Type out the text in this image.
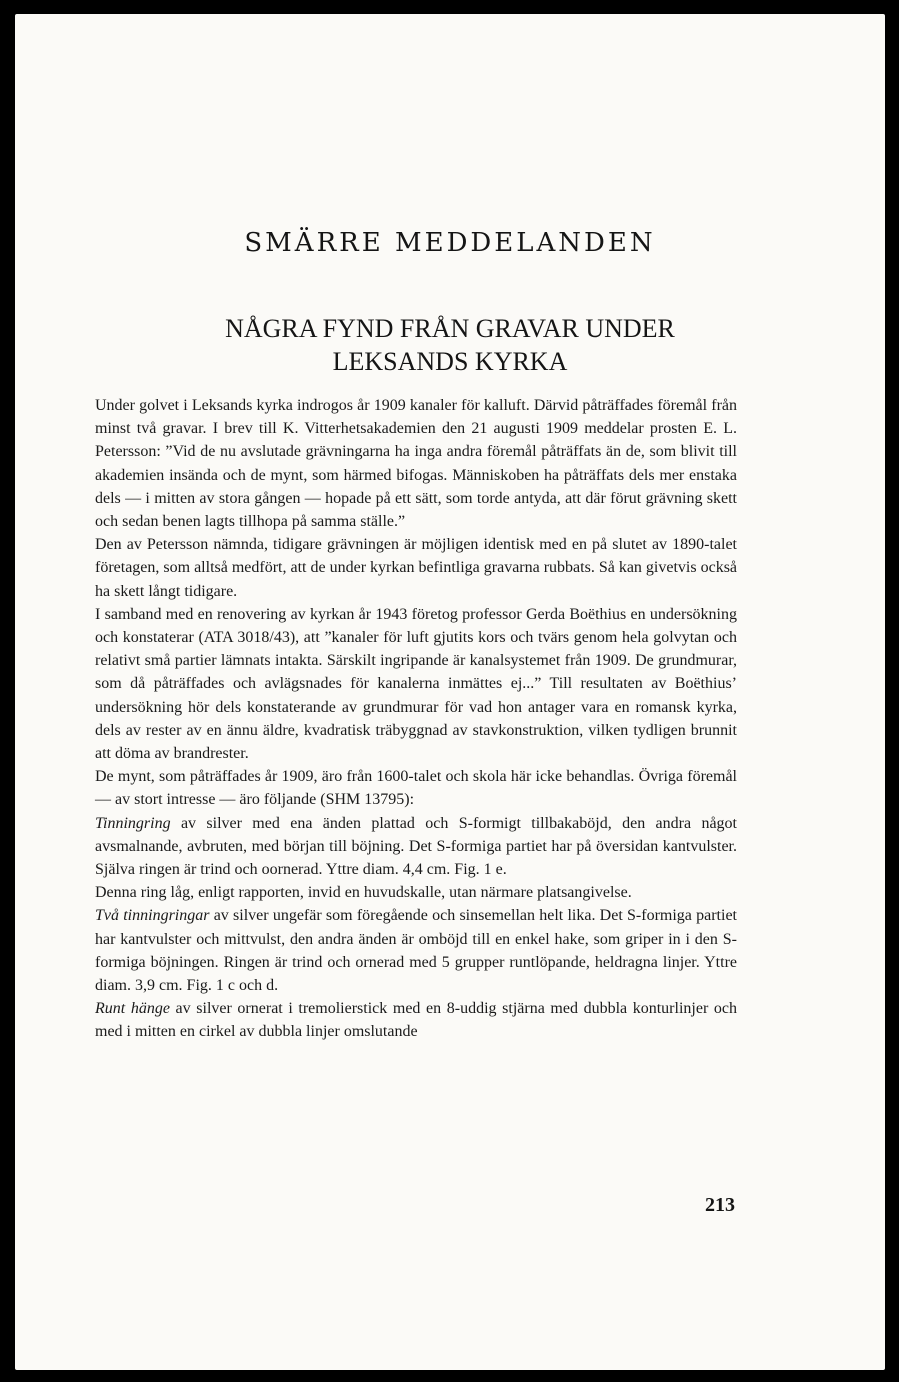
SMÄRRE MEDDELANDEN
NÅGRA FYND FRÅN GRAVAR UNDER
LEKSANDS KYRKA

Under golvet i Leksands kyrka indrogos år 1909 kanaler för kalluft. Därvid påträffades föremål från minst två gravar. I brev till K. Vitterhetsakademien den 21 augusti 1909 meddelar prosten E. L. Petersson: ”Vid de nu avslutade grävningarna ha inga andra föremål påträffats än de, som blivit till akademien insända och de mynt, som härmed bifogas. Människoben ha påträffats dels mer enstaka dels — i mitten av stora gången — hopade på ett sätt, som torde antyda, att där förut grävning skett och sedan benen lagts tillhopa på samma ställe.”

Den av Petersson nämnda, tidigare grävningen är möjligen identisk med en på slutet av 1890-talet företagen, som alltså medfört, att de under kyrkan befintliga gravarna rubbats. Så kan givetvis också ha skett långt tidigare.

I samband med en renovering av kyrkan år 1943 företog professor Gerda Boëthius en undersökning och konstaterar (ATA 3018/43), att ”kanaler för luft gjutits kors och tvärs genom hela golvytan och relativt små partier lämnats intakta. Särskilt ingripande är kanalsystemet från 1909. De grundmurar, som då påträffades och avlägsnades för kanalerna inmättes ej...” Till resultaten av Boëthius’ undersökning hör dels konstaterande av grundmurar för vad hon antager vara en romansk kyrka, dels av rester av en ännu äldre, kvadratisk träbyggnad av stavkonstruktion, vilken tydligen brunnit att döma av brandrester.

De mynt, som påträffades år 1909, äro från 1600-talet och skola här icke behandlas. Övriga föremål — av stort intresse — äro följande (SHM 13795):

Tinningring av silver med ena änden plattad och S-formigt tillbakaböjd, den andra något avsmalnande, avbruten, med början till böjning. Det S-formiga partiet har på översidan kantvulster. Själva ringen är trind och oornerad. Yttre diam. 4,4 cm. Fig. 1 e.

Denna ring låg, enligt rapporten, invid en huvudskalle, utan närmare platsangivelse.

Två tinningringar av silver ungefär som föregående och sinsemellan helt lika. Det S-formiga partiet har kantvulster och mittvulst, den andra änden är omböjd till en enkel hake, som griper in i den S-formiga böjningen. Ringen är trind och ornerad med 5 grupper runtlöpande, heldragna linjer. Yttre diam. 3,9 cm. Fig. 1 c och d.

Runt hänge av silver ornerat i tremolierstick med en 8-uddig stjärna med dubbla konturlinjer och med i mitten en cirkel av dubbla linjer omslutande

213
